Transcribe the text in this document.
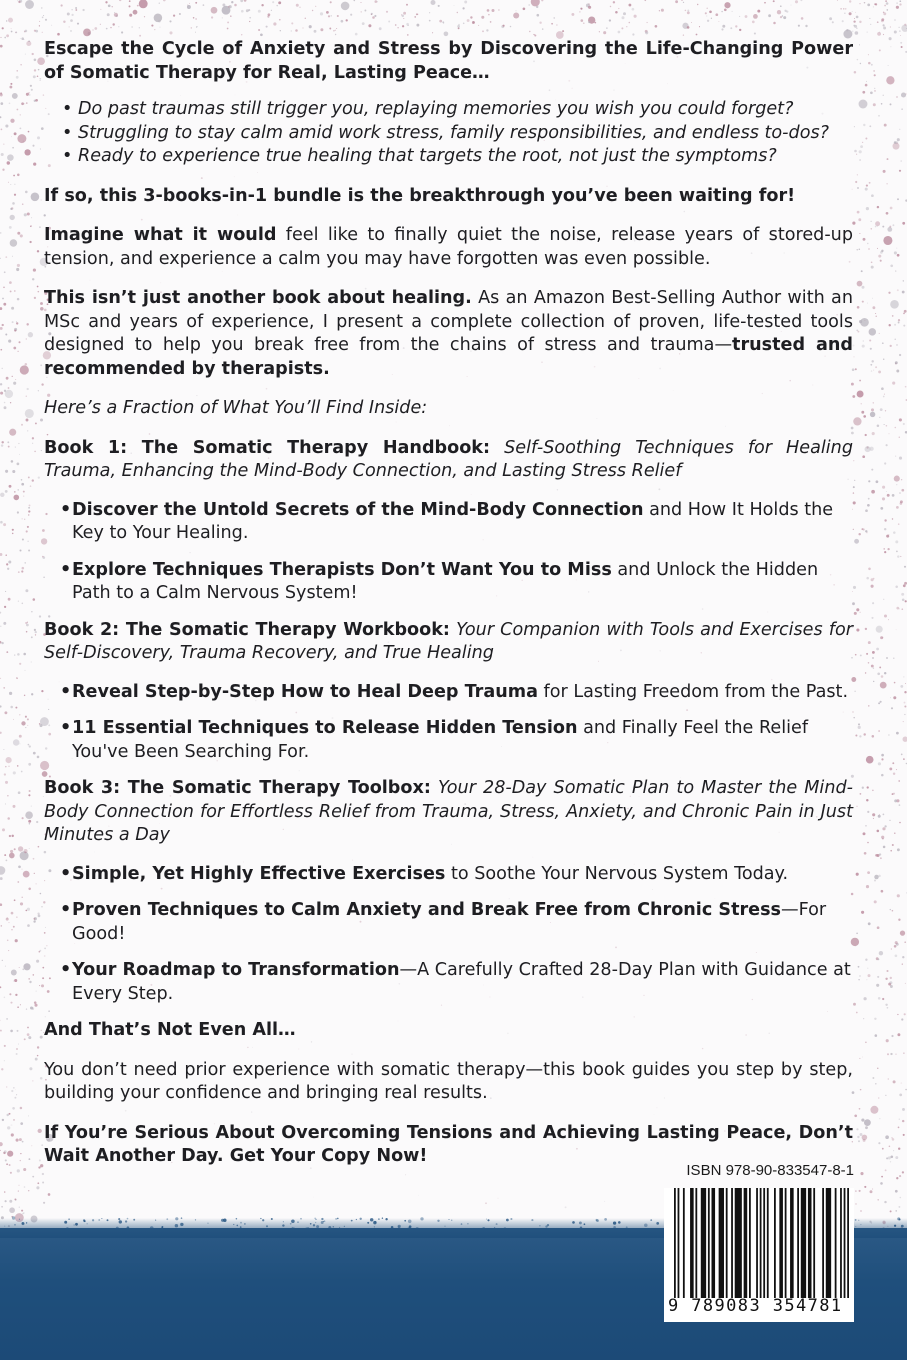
Escape the Cycle of Anxiety and Stress by Discovering the Life-Changing Power of Somatic Therapy for Real, Lasting Peace…

• Do past traumas still trigger you, replaying memories you wish you could forget?
• Struggling to stay calm amid work stress, family responsibilities, and endless to-dos?
• Ready to experience true healing that targets the root, not just the symptoms?

If so, this 3-books-in-1 bundle is the breakthrough you’ve been waiting for!

Imagine what it would feel like to finally quiet the noise, release years of stored-up tension, and experience a calm you may have forgotten was even possible.

This isn’t just another book about healing. As an Amazon Best-Selling Author with an MSc and years of experience, I present a complete collection of proven, life-tested tools designed to help you break free from the chains of stress and trauma—trusted and recommended by therapists.

Here’s a Fraction of What You’ll Find Inside:

Book 1: The Somatic Therapy Handbook: Self-Soothing Techniques for Healing Trauma, Enhancing the Mind-Body Connection, and Lasting Stress Relief

• Discover the Untold Secrets of the Mind-Body Connection and How It Holds the Key to Your Healing.
• Explore Techniques Therapists Don’t Want You to Miss and Unlock the Hidden Path to a Calm Nervous System!

Book 2: The Somatic Therapy Workbook: Your Companion with Tools and Exercises for Self-Discovery, Trauma Recovery, and True Healing

• Reveal Step-by-Step How to Heal Deep Trauma for Lasting Freedom from the Past.
• 11 Essential Techniques to Release Hidden Tension and Finally Feel the Relief You've Been Searching For.

Book 3: The Somatic Therapy Toolbox: Your 28-Day Somatic Plan to Master the Mind-Body Connection for Effortless Relief from Trauma, Stress, Anxiety, and Chronic Pain in Just Minutes a Day

• Simple, Yet Highly Effective Exercises to Soothe Your Nervous System Today.
• Proven Techniques to Calm Anxiety and Break Free from Chronic Stress—For Good!
• Your Roadmap to Transformation—A Carefully Crafted 28-Day Plan with Guidance at Every Step.

And That’s Not Even All…

You don’t need prior experience with somatic therapy—this book guides you step by step, building your confidence and bringing real results.

If You’re Serious About Overcoming Tensions and Achieving Lasting Peace, Don’t Wait Another Day. Get Your Copy Now!

ISBN 978-90-833547-8-1
9 789083 354781
